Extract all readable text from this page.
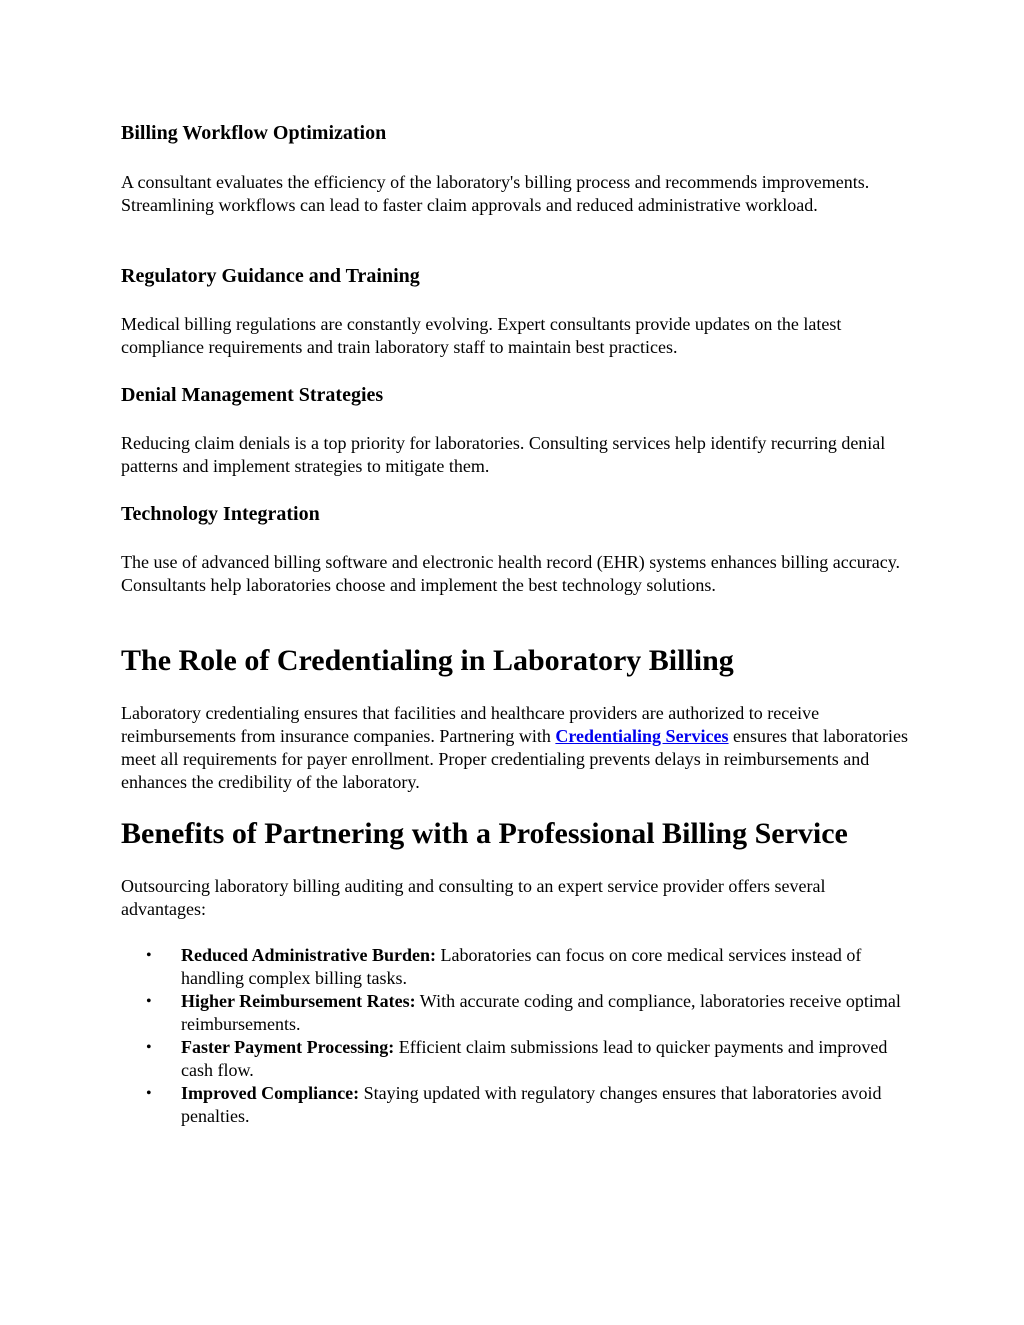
Billing Workflow Optimization

A consultant evaluates the efficiency of the laboratory's billing process and recommends improvements. Streamlining workflows can lead to faster claim approvals and reduced administrative workload.

Regulatory Guidance and Training

Medical billing regulations are constantly evolving. Expert consultants provide updates on the latest compliance requirements and train laboratory staff to maintain best practices.

Denial Management Strategies

Reducing claim denials is a top priority for laboratories. Consulting services help identify recurring denial patterns and implement strategies to mitigate them.

Technology Integration

The use of advanced billing software and electronic health record (EHR) systems enhances billing accuracy. Consultants help laboratories choose and implement the best technology solutions.

The Role of Credentialing in Laboratory Billing

Laboratory credentialing ensures that facilities and healthcare providers are authorized to receive reimbursements from insurance companies. Partnering with Credentialing Services ensures that laboratories meet all requirements for payer enrollment. Proper credentialing prevents delays in reimbursements and enhances the credibility of the laboratory.

Benefits of Partnering with a Professional Billing Service

Outsourcing laboratory billing auditing and consulting to an expert service provider offers several advantages:

• Reduced Administrative Burden: Laboratories can focus on core medical services instead of handling complex billing tasks.
• Higher Reimbursement Rates: With accurate coding and compliance, laboratories receive optimal reimbursements.
• Faster Payment Processing: Efficient claim submissions lead to quicker payments and improved cash flow.
• Improved Compliance: Staying updated with regulatory changes ensures that laboratories avoid penalties.
